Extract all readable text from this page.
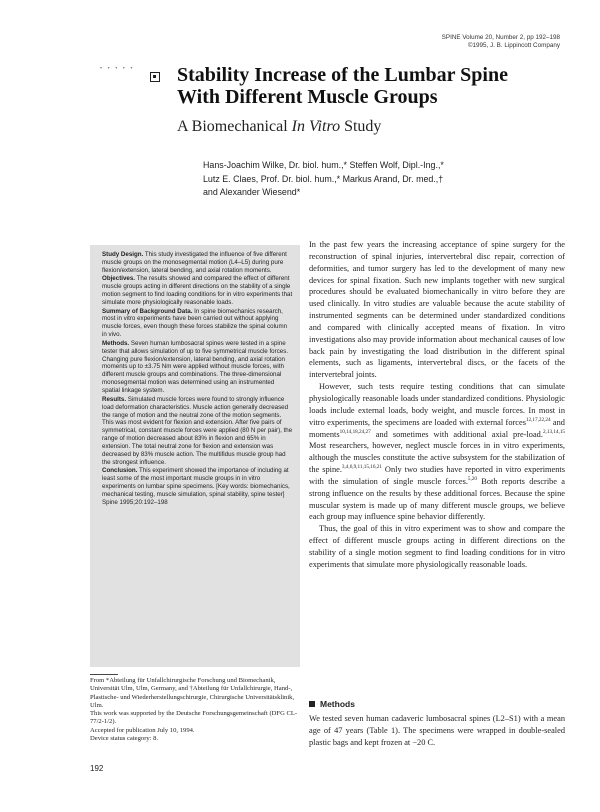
SPINE Volume 20, Number 2, pp 192–198
©1995, J. B. Lippincott Company
• • • • • Stability Increase of the Lumbar Spine
With Different Muscle Groups
A Biomechanical In Vitro Study
Hans-Joachim Wilke, Dr. biol. hum.,* Steffen Wolf, Dipl.-Ing.,*
Lutz E. Claes, Prof. Dr. biol. hum.,* Markus Arand, Dr. med.,†
and Alexander Wiesend*

Study Design. This study investigated the influence of five different muscle groups on the monosegmental motion (L4–L5) during pure flexion/extension, lateral bending, and axial rotation moments.

Objectives. The results showed and compared the effect of different muscle groups acting in different directions on the stability of a single motion segment to find loading conditions for in vitro experiments that simulate more physiologically reasonable loads.

Summary of Background Data. In spine biomechanics research, most in vitro experiments have been carried out without applying muscle forces, even though these forces stabilize the spinal column in vivo.

Methods. Seven human lumbosacral spines were tested in a spine tester that allows simulation of up to five symmetrical muscle forces. Changing pure flexion/extension, lateral bending, and axial rotation moments up to ±3.75 Nm were applied without muscle forces, with different muscle groups and combinations. The three-dimensional monosegmental motion was determined using an instrumented spatial linkage system.

Results. Simulated muscle forces were found to strongly influence load deformation characteristics. Muscle action generally decreased the range of motion and the neutral zone of the motion segments. This was most evident for flexion and extension. After five pairs of symmetrical, constant muscle forces were applied (80 N per pair), the range of motion decreased about 83% in flexion and 65% in extension. The total neutral zone for flexion and extension was decreased by 83% muscle action. The multifidus muscle group had the strongest influence.

Conclusion. This experiment showed the importance of including at least some of the most important muscle groups in in vitro experiments on lumbar spine specimens. [Key words: biomechanics, mechanical testing, muscle simulation, spinal stability, spine tester] Spine 1995;20:192–198

In the past few years the increasing acceptance of spine surgery for the reconstruction of spinal injuries, intervertebral disc repair, correction of deformities, and tumor surgery has led to the development of many new devices for spinal fixation. Such new implants together with new surgical procedures should be evaluated biomechanically in vitro before they are used clinically. In vitro studies are valuable because the acute stability of instrumented segments can be determined under standardized conditions and compared with clinically accepted means of fixation. In vitro investigations also may provide information about mechanical causes of low back pain by investigating the load distribution in the different spinal elements, such as ligaments, intervertebral discs, or the facets of the intervertebral joints.

However, such tests require testing conditions that can simulate physiologically reasonable loads under standardized conditions. Physiologic loads include external loads, body weight, and muscle forces. In most in vitro experiments, the specimens are loaded with external forces$^{12,17,22,24}$ and moments$^{10,14,18,24,27}$ and sometimes with additional axial pre-load.$^{2,13,14,15}$ Most researchers, however, neglect muscle forces in in vitro experiments, although the muscles constitute the active subsystem for the stabilization of the spine.$^{3,4,6,9,11,15,16,21}$ Only two studies have reported in vitro experiments with the simulation of single muscle forces.$^{5,20}$ Both reports describe a strong influence on the results by these additional forces. Because the spine muscular system is made up of many different muscle groups, we believe each group may influence spine behavior differently.

Thus, the goal of this in vitro experiment was to show and compare the effect of different muscle groups acting in different directions on the stability of a single motion segment to find loading conditions for in vitro experiments that simulate more physiologically reasonable loads.

Methods
We tested seven human cadaveric lumbosacral spines (L2–S1) with a mean age of 47 years (Table 1). The specimens were wrapped in double-sealed plastic bags and kept frozen at −20 C.

From *Abteilung für Unfallchirurgische Forschung und Biomechanik, Universität Ulm, Ulm, Germany, and †Abteilung für Unfallchirurgie, Hand-, Plastische- und Wiederherstellungschirurgie, Chirurgische Universitätsklinik, Ulm.

This work was supported by the Deutsche Forschungsgemeinschaft (DFG CL-77/2-1/2).

Accepted for publication July 10, 1994.

Device status category: 8.

192
